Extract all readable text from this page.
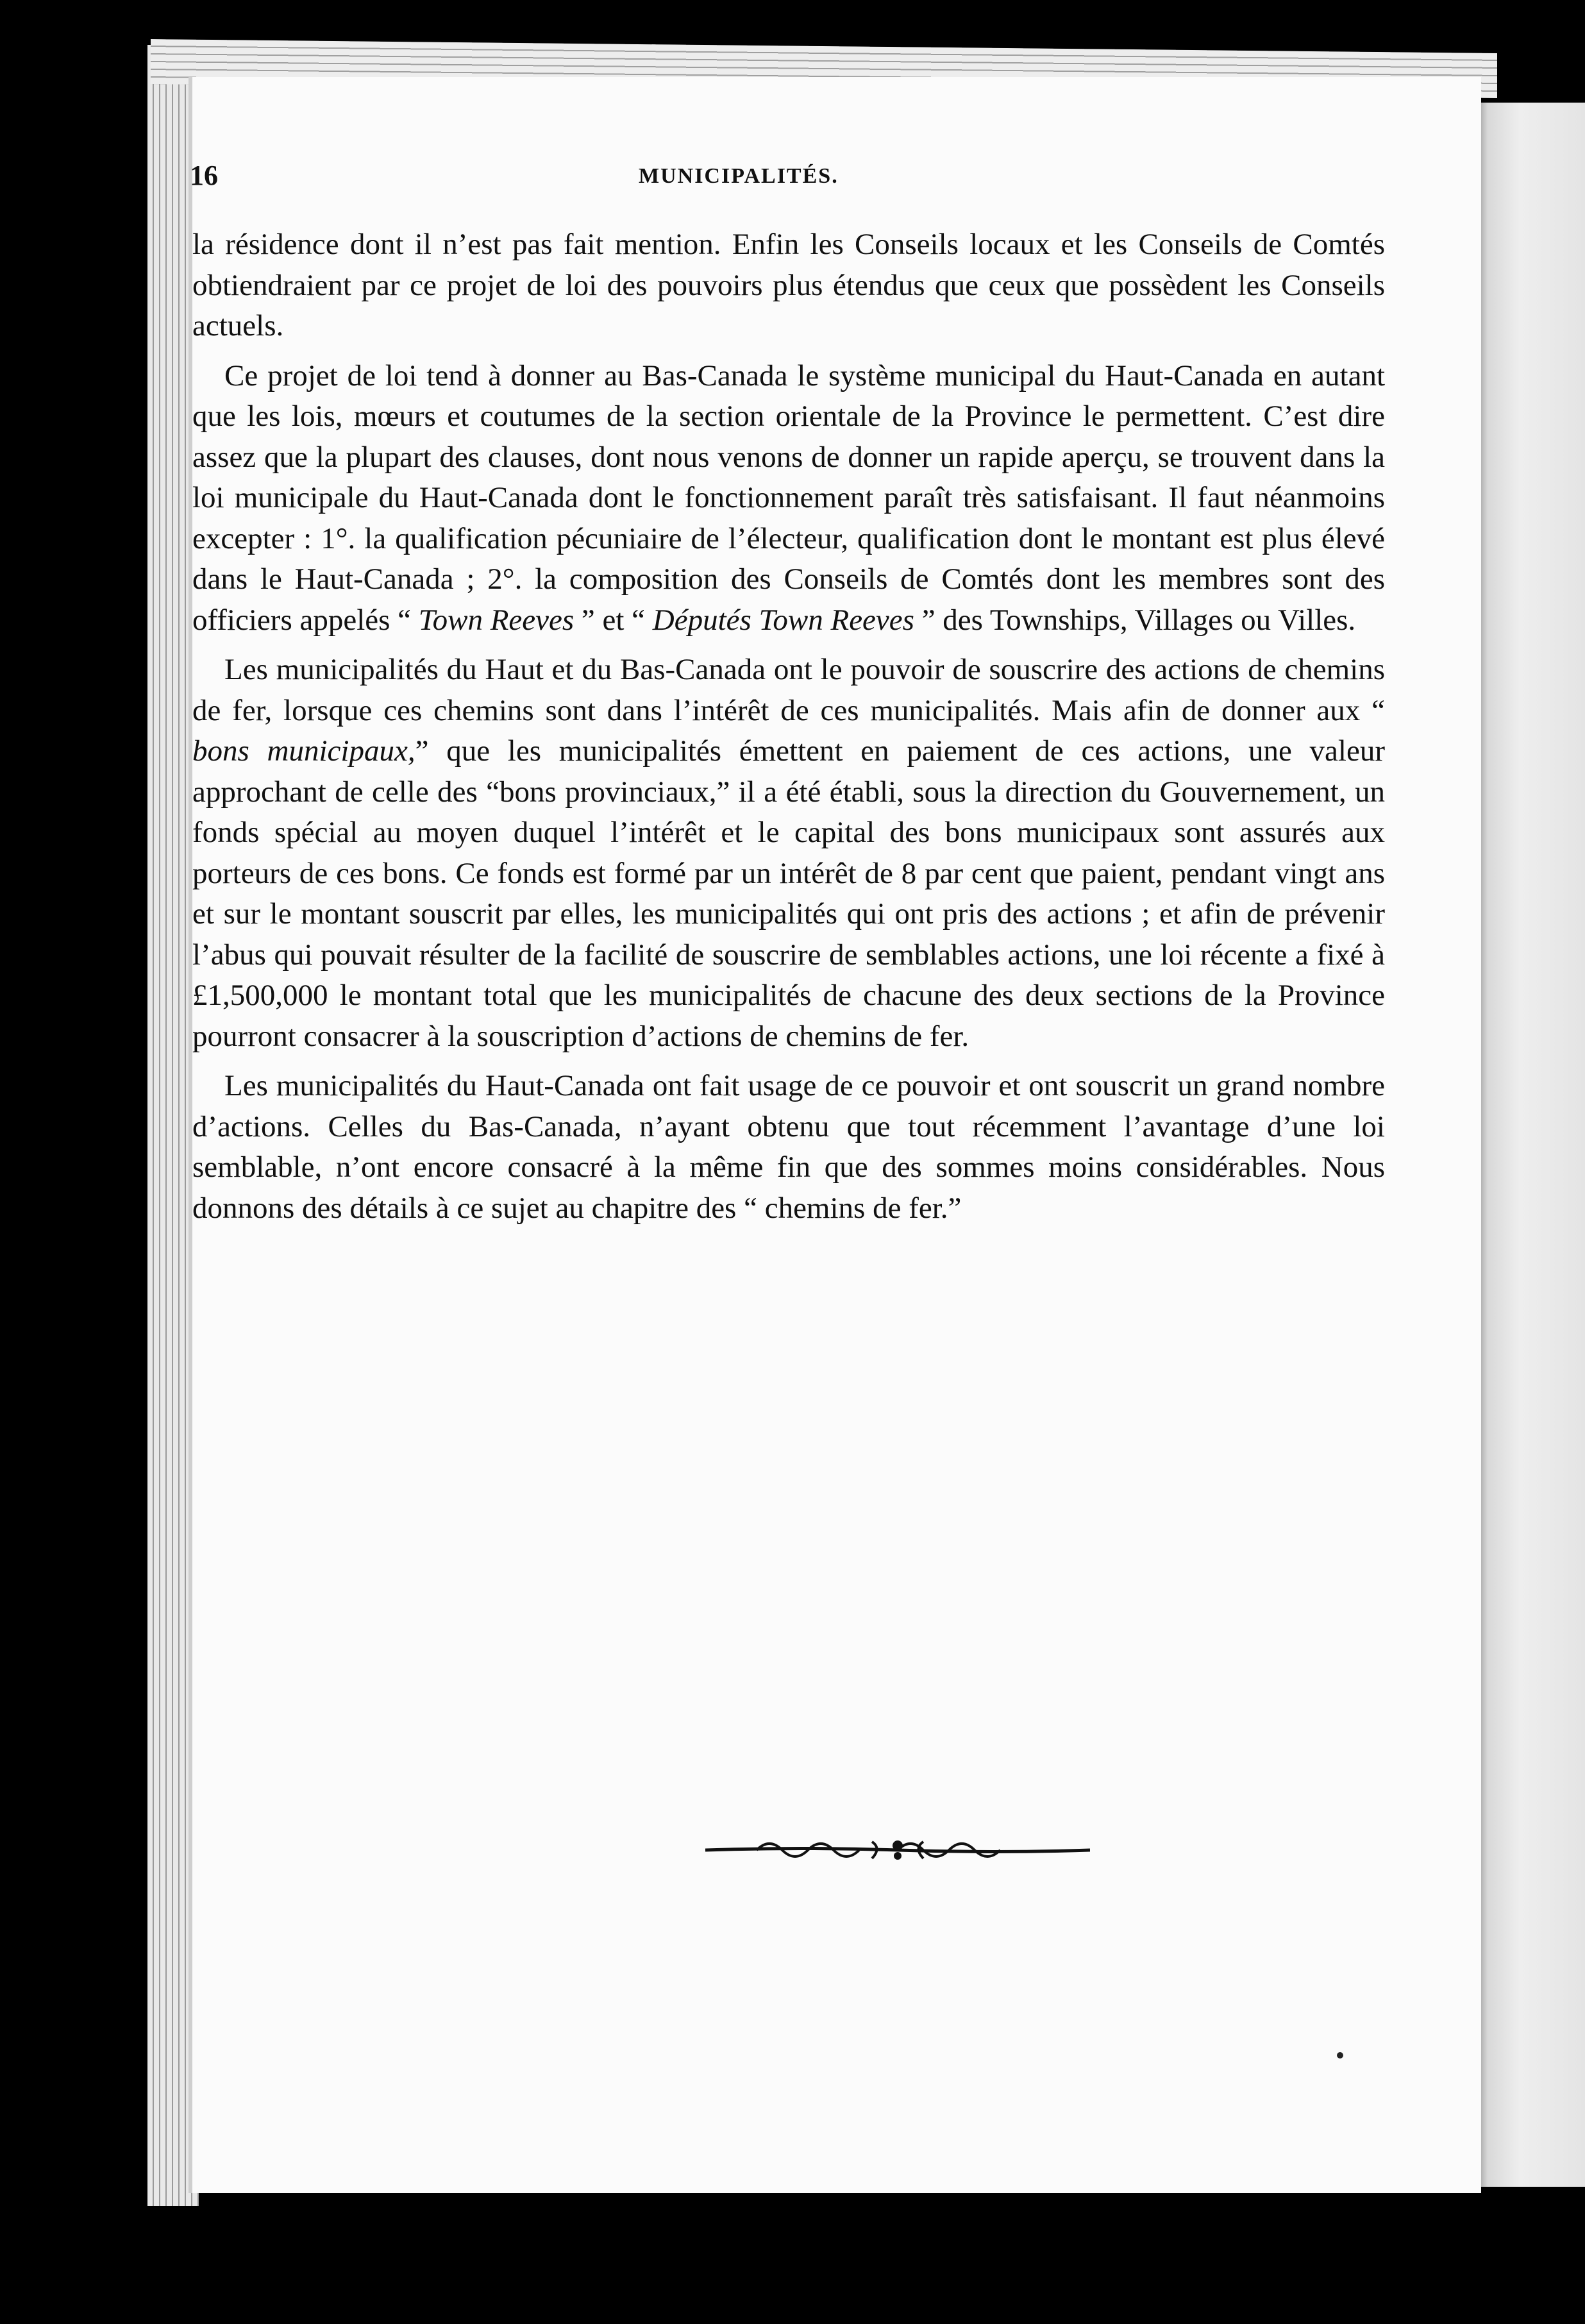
16	MUNICIPALITÉS.

la résidence dont il n’est pas fait mention. Enfin les Conseils locaux et les Conseils de Comtés obtiendraient par ce projet de loi des pouvoirs plus étendus que ceux que possèdent les Conseils actuels.

Ce projet de loi tend à donner au Bas-Canada le système municipal du Haut-Canada en autant que les lois, mœurs et coutumes de la section orientale de la Province le permettent. C’est dire assez que la plupart des clauses, dont nous venons de donner un rapide aperçu, se trouvent dans la loi municipale du Haut-Canada dont le fonctionnement paraît très satisfaisant. Il faut néanmoins excepter : 1°. la qualification pécuniaire de l’électeur, qualification dont le montant est plus élevé dans le Haut-Canada ; 2°. la composition des Conseils de Comtés dont les membres sont des officiers appelés “ Town Reeves ” et “ Députés Town Reeves ” des Townships, Villages ou Villes.

Les municipalités du Haut et du Bas-Canada ont le pouvoir de souscrire des actions de chemins de fer, lorsque ces chemins sont dans l’intérêt de ces municipalités. Mais afin de donner aux “ bons municipaux,” que les municipalités émettent en paiement de ces actions, une valeur approchant de celle des “bons provinciaux,” il a été établi, sous la direction du Gouvernement, un fonds spécial au moyen duquel l’intérêt et le capital des bons municipaux sont assurés aux porteurs de ces bons. Ce fonds est formé par un intérêt de 8 par cent que paient, pendant vingt ans et sur le montant souscrit par elles, les municipalités qui ont pris des actions ; et afin de prévenir l’abus qui pouvait résulter de la facilité de souscrire de semblables actions, une loi récente a fixé à £1,500,000 le montant total que les municipalités de chacune des deux sections de la Province pourront consacrer à la souscription d’actions de chemins de fer.

Les municipalités du Haut-Canada ont fait usage de ce pouvoir et ont souscrit un grand nombre d’actions. Celles du Bas-Canada, n’ayant obtenu que tout récemment l’avantage d’une loi semblable, n’ont encore consacré à la même fin que des sommes moins considérables. Nous donnons des détails à ce sujet au chapitre des “ chemins de fer.”
